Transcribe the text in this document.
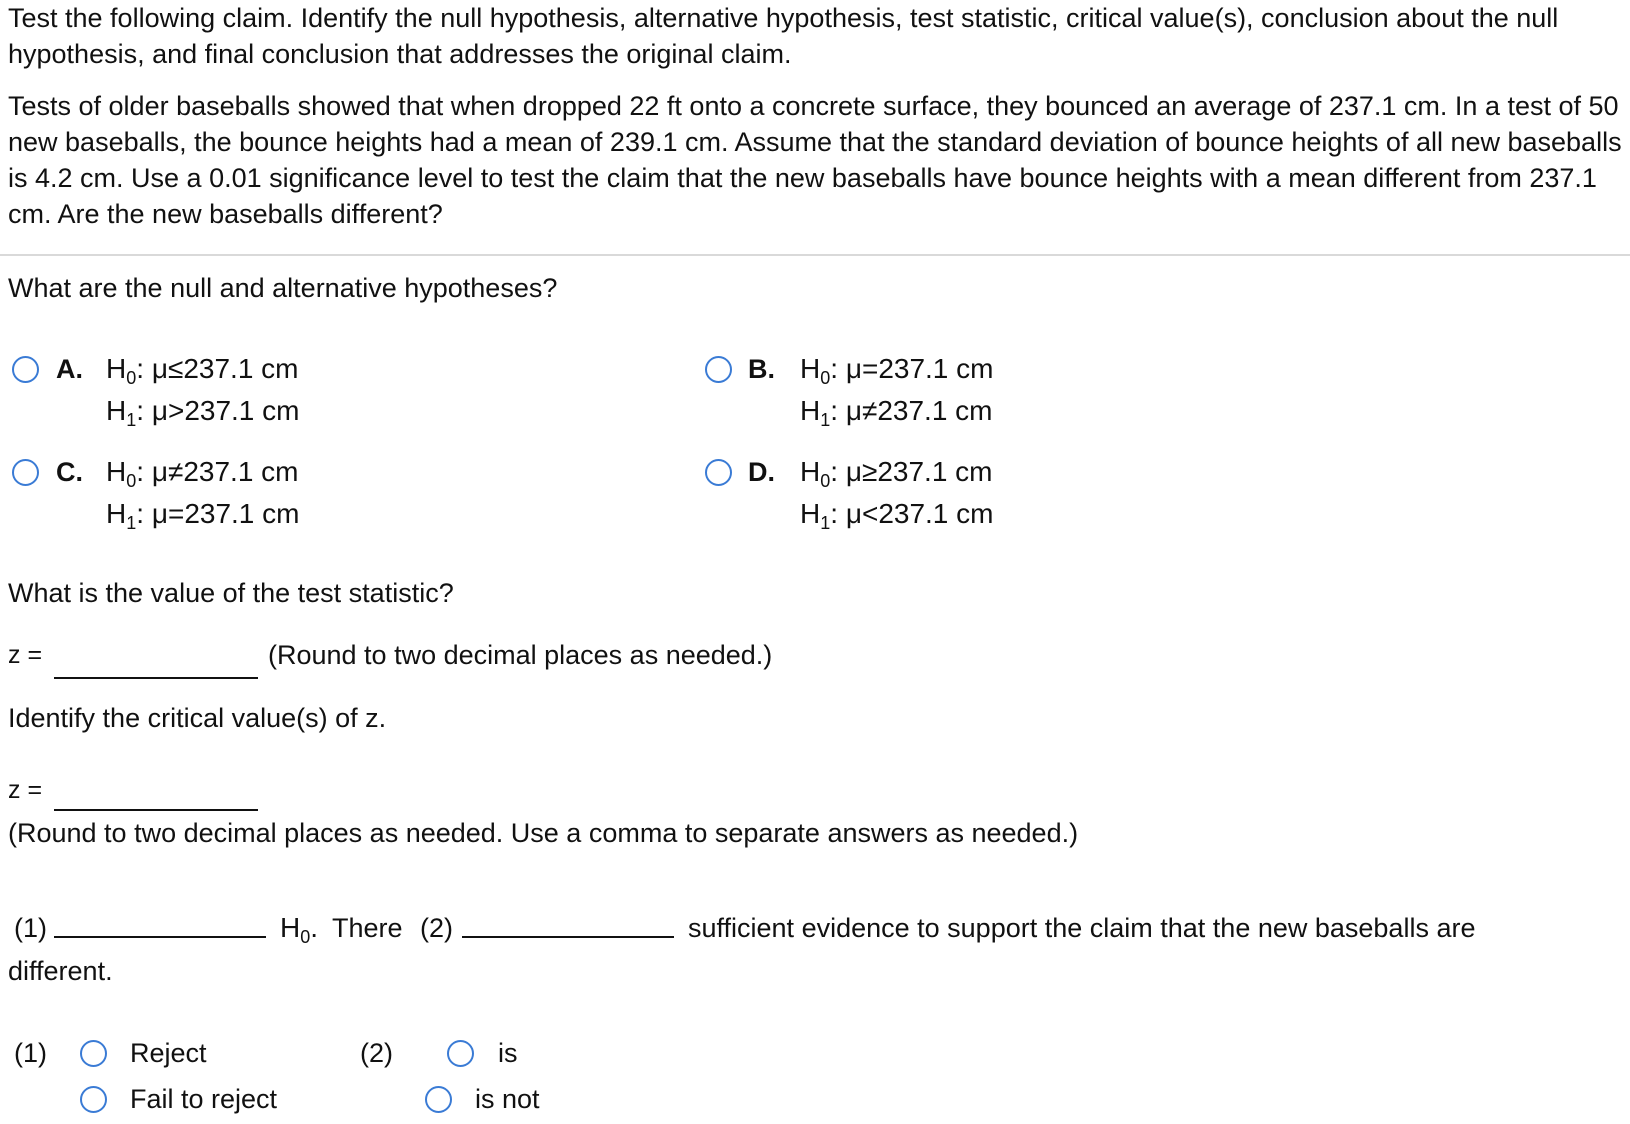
Test the following claim. Identify the null hypothesis, alternative hypothesis, test statistic, critical value(s), conclusion about the null hypothesis, and final conclusion that addresses the original claim.
Tests of older baseballs showed that when dropped 22 ft onto a concrete surface, they bounced an average of 237.1 cm. In a test of 50 new baseballs, the bounce heights had a mean of 239.1 cm. Assume that the standard deviation of bounce heights of all new baseballs is 4.2 cm. Use a 0.01 significance level to test the claim that the new baseballs have bounce heights with a mean different from 237.1 cm. Are the new baseballs different?
What are the null and alternative hypotheses?
A. $H_0$: μ≤237.1 cm
$H_1$: μ>237.1 cm
B. $H_0$: μ=237.1 cm
$H_1$: μ≠237.1 cm
C. $H_0$: μ≠237.1 cm
$H_1$: μ=237.1 cm
D. $H_0$: μ≥237.1 cm
$H_1$: μ<237.1 cm
What is the value of the test statistic?
z =	(Round to two decimal places as needed.)
Identify the critical value(s) of z.
z =
(Round to two decimal places as needed. Use a comma to separate answers as needed.)
(1)	$H_0$. There (2)	sufficient evidence to support the claim that the new baseballs are
different.
(1)	Reject
Fail to reject
(2)	is
is not
